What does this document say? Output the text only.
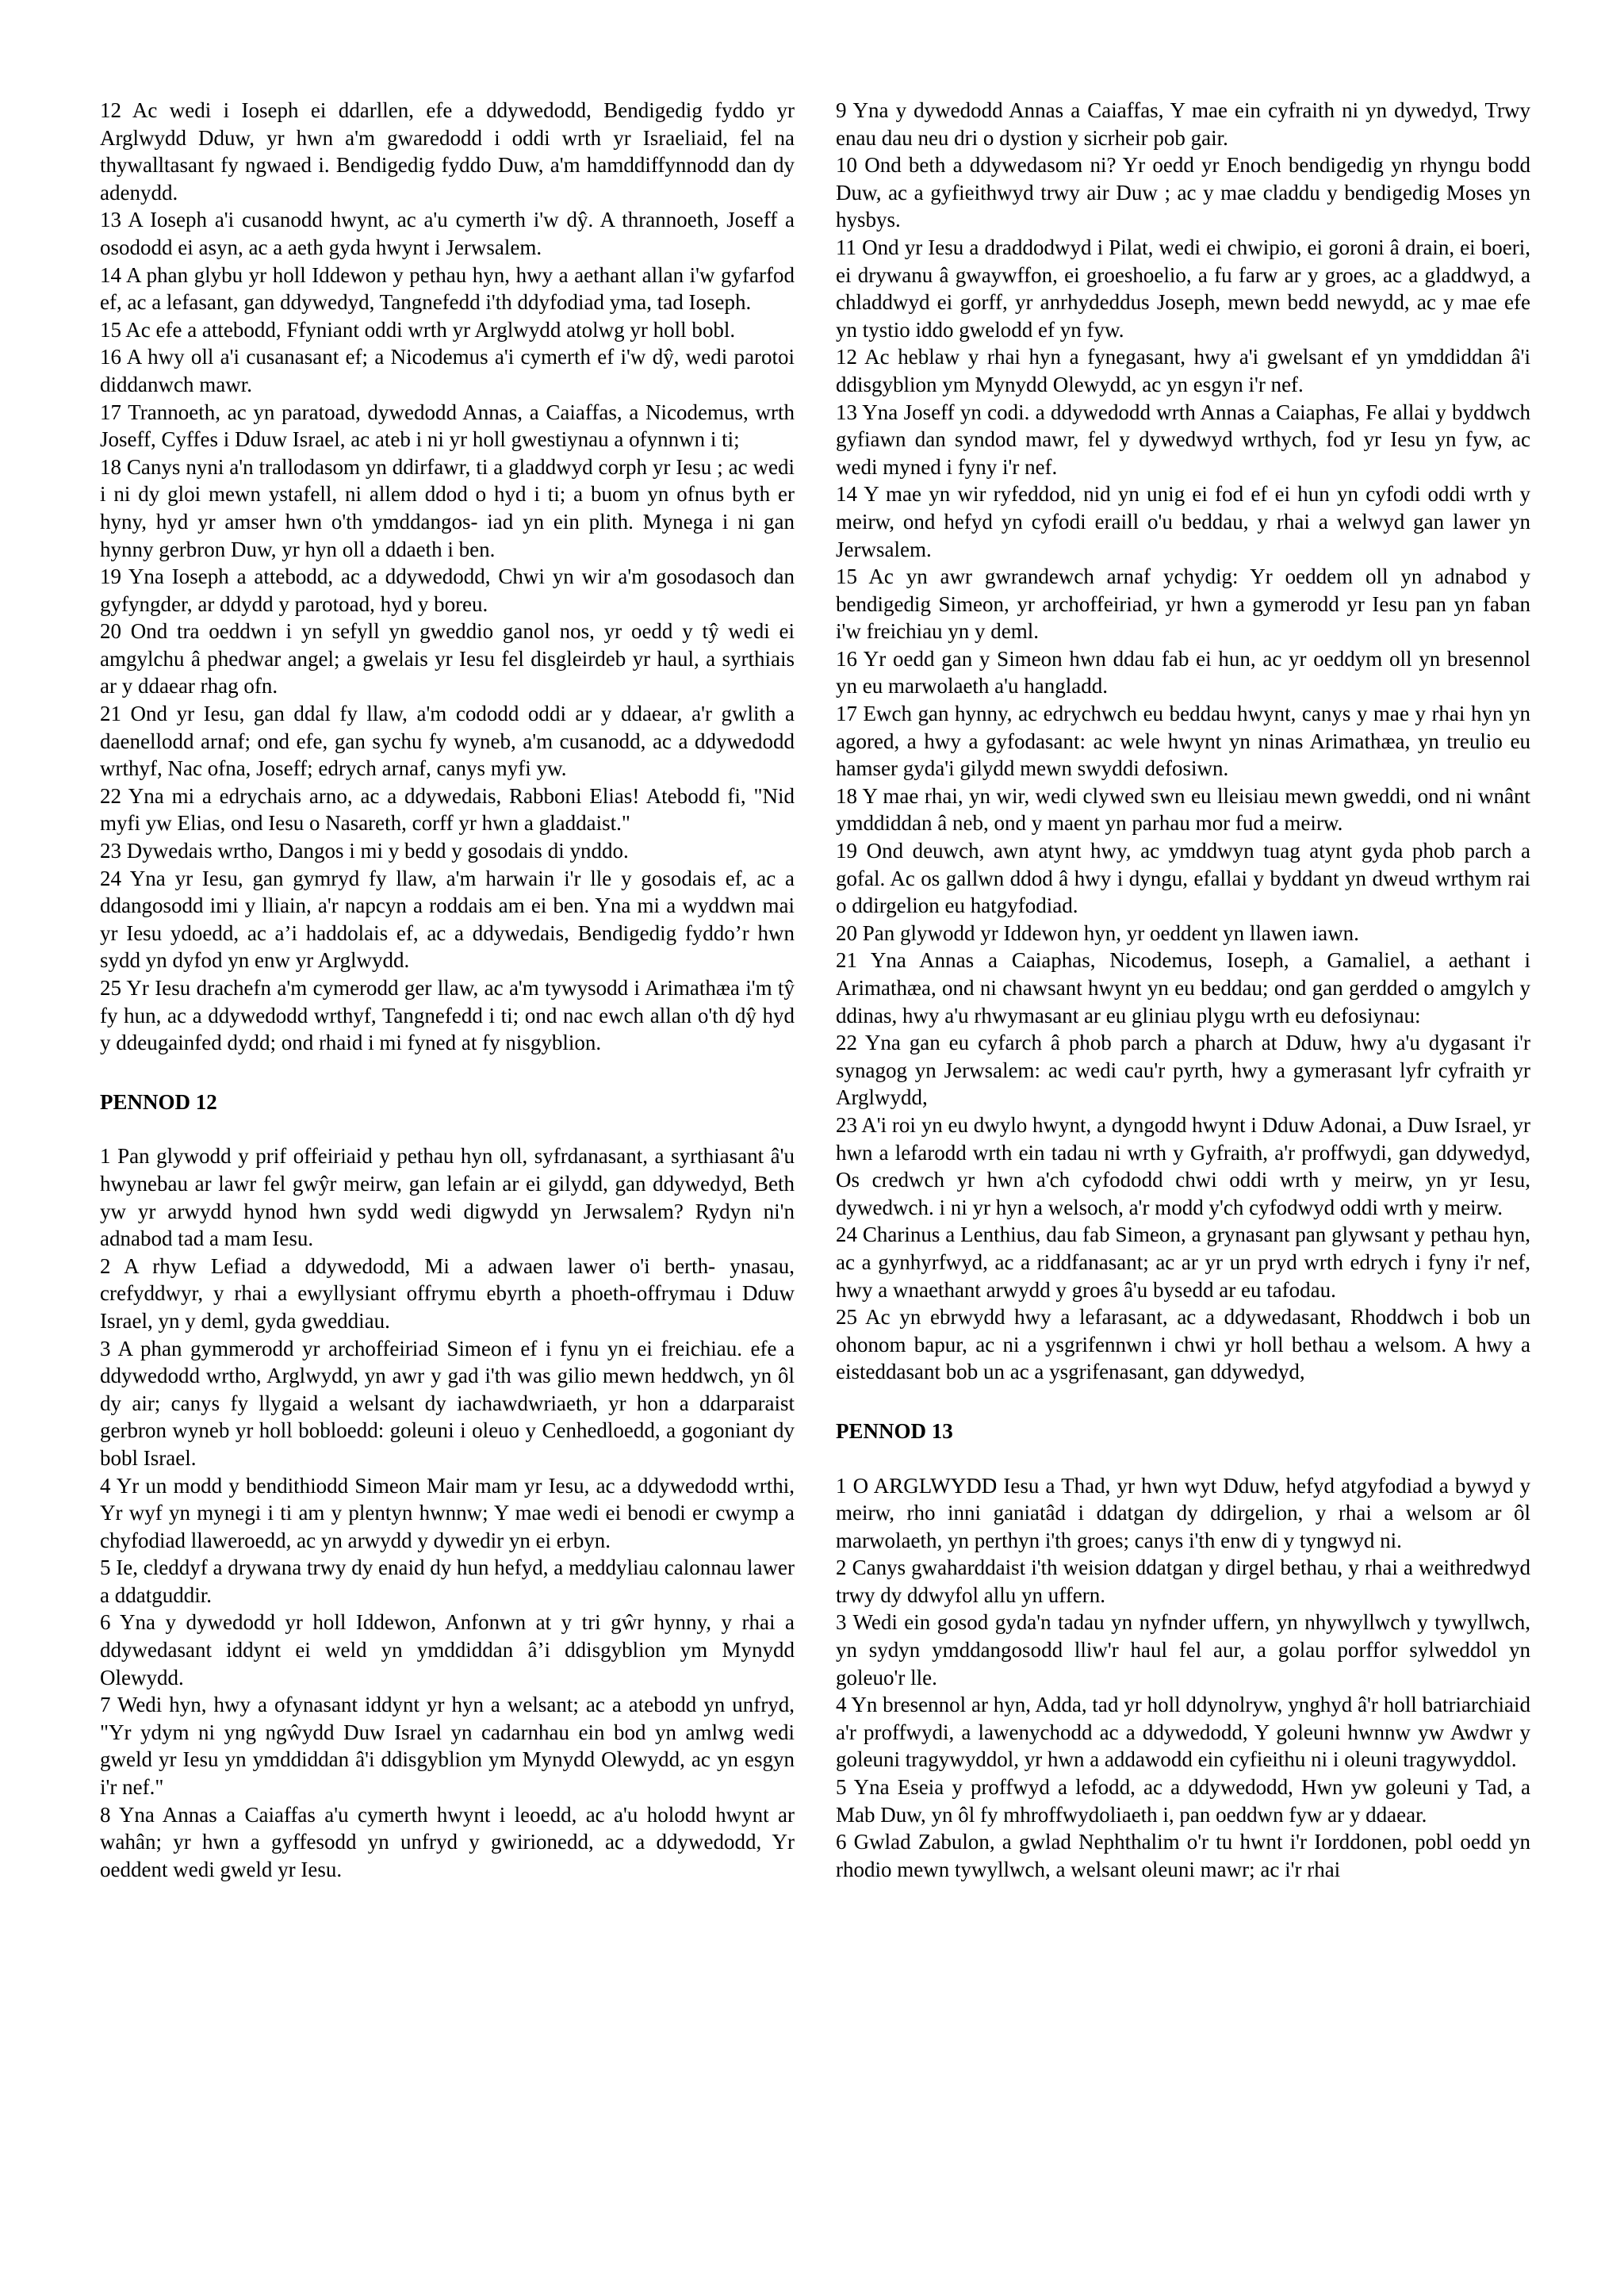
12 Ac wedi i Ioseph ei ddarllen, efe a ddywedodd, Bendigedig fyddo yr Arglwydd Dduw, yr hwn a'm gwaredodd i oddi wrth yr Israeliaid, fel na thywalltasant fy ngwaed i. Bendigedig fyddo Duw, a'm hamddiffynnodd dan dy adenydd.

13 A Ioseph a'i cusanodd hwynt, ac a'u cymerth i'w dŷ. A thrannoeth, Joseff a osododd ei asyn, ac a aeth gyda hwynt i Jerwsalem.

14 A phan glybu yr holl Iddewon y pethau hyn, hwy a aethant allan i'w gyfarfod ef, ac a lefasant, gan ddywedyd, Tangnefedd i'th ddyfodiad yma, tad Ioseph.

15 Ac efe a attebodd, Ffyniant oddi wrth yr Arglwydd atolwg yr holl bobl.

16 A hwy oll a'i cusanasant ef; a Nicodemus a'i cymerth ef i'w dŷ, wedi parotoi diddanwch mawr.

17 Trannoeth, ac yn paratoad, dywedodd Annas, a Caiaffas, a Nicodemus, wrth Joseff, Cyffes i Dduw Israel, ac ateb i ni yr holl gwestiynau a ofynnwn i ti;

18 Canys nyni a'n trallodasom yn ddirfawr, ti a gladdwyd corph yr Iesu ; ac wedi i ni dy gloi mewn ystafell, ni allem ddod o hyd i ti; a buom yn ofnus byth er hyny, hyd yr amser hwn o'th ymddangos- iad yn ein plith. Mynega i ni gan hynny gerbron Duw, yr hyn oll a ddaeth i ben.

19 Yna Ioseph a attebodd, ac a ddywedodd, Chwi yn wir a'm gosodasoch dan gyfyngder, ar ddydd y parotoad, hyd y boreu.

20 Ond tra oeddwn i yn sefyll yn gweddio ganol nos, yr oedd y tŷ wedi ei amgylchu â phedwar angel; a gwelais yr Iesu fel disgleirdeb yr haul, a syrthiais ar y ddaear rhag ofn.

21 Ond yr Iesu, gan ddal fy llaw, a'm cododd oddi ar y ddaear, a'r gwlith a daenellodd arnaf; ond efe, gan sychu fy wyneb, a'm cusanodd, ac a ddywedodd wrthyf, Nac ofna, Joseff; edrych arnaf, canys myfi yw.

22 Yna mi a edrychais arno, ac a ddywedais, Rabboni Elias! Atebodd fi, "Nid myfi yw Elias, ond Iesu o Nasareth, corff yr hwn a gladdaist."

23 Dywedais wrtho, Dangos i mi y bedd y gosodais di ynddo.

24 Yna yr Iesu, gan gymryd fy llaw, a'm harwain i'r lle y gosodais ef, ac a ddangosodd imi y lliain, a'r napcyn a roddais am ei ben. Yna mi a wyddwn mai yr Iesu ydoedd, ac a’i haddolais ef, ac a ddywedais, Bendigedig fyddo’r hwn sydd yn dyfod yn enw yr Arglwydd.

25 Yr Iesu drachefn a'm cymerodd ger llaw, ac a'm tywysodd i Arimathæa i'm tŷ fy hun, ac a ddywedodd wrthyf, Tangnefedd i ti; ond nac ewch allan o'th dŷ hyd y ddeugainfed dydd; ond rhaid i mi fyned at fy nisgyblion.

PENNOD 12

1 Pan glywodd y prif offeiriaid y pethau hyn oll, syfrdanasant, a syrthiasant â'u hwynebau ar lawr fel gwŷr meirw, gan lefain ar ei gilydd, gan ddywedyd, Beth yw yr arwydd hynod hwn sydd wedi digwydd yn Jerwsalem? Rydyn ni'n adnabod tad a mam Iesu.

2 A rhyw Lefiad a ddywedodd, Mi a adwaen lawer o'i berth- ynasau, crefyddwyr, y rhai a ewyllysiant offrymu ebyrth a phoeth-offrymau i Dduw Israel, yn y deml, gyda gweddiau.

3 A phan gymmerodd yr archoffeiriad Simeon ef i fynu yn ei freichiau. efe a ddywedodd wrtho, Arglwydd, yn awr y gad i'th was gilio mewn heddwch, yn ôl dy air; canys fy llygaid a welsant dy iachawdwriaeth, yr hon a ddarparaist gerbron wyneb yr holl bobloedd: goleuni i oleuo y Cenhedloedd, a gogoniant dy bobl Israel.

4 Yr un modd y bendithiodd Simeon Mair mam yr Iesu, ac a ddywedodd wrthi, Yr wyf yn mynegi i ti am y plentyn hwnnw; Y mae wedi ei benodi er cwymp a chyfodiad llaweroedd, ac yn arwydd y dywedir yn ei erbyn.

5 Ie, cleddyf a drywana trwy dy enaid dy hun hefyd, a meddyliau calonnau lawer a ddatguddir.

6 Yna y dywedodd yr holl Iddewon, Anfonwn at y tri gŵr hynny, y rhai a ddywedasant iddynt ei weld yn ymddiddan â’i ddisgyblion ym Mynydd Olewydd.

7 Wedi hyn, hwy a ofynasant iddynt yr hyn a welsant; ac a atebodd yn unfryd, "Yr ydym ni yng ngŵydd Duw Israel yn cadarnhau ein bod yn amlwg wedi gweld yr Iesu yn ymddiddan â'i ddisgyblion ym Mynydd Olewydd, ac yn esgyn i'r nef."

8 Yna Annas a Caiaffas a'u cymerth hwynt i leoedd, ac a'u holodd hwynt ar wahân; yr hwn a gyffesodd yn unfryd y gwirionedd, ac a ddywedodd, Yr oeddent wedi gweld yr Iesu.

9 Yna y dywedodd Annas a Caiaffas, Y mae ein cyfraith ni yn dywedyd, Trwy enau dau neu dri o dystion y sicrheir pob gair.

10 Ond beth a ddywedasom ni? Yr oedd yr Enoch bendigedig yn rhyngu bodd Duw, ac a gyfieithwyd trwy air Duw ; ac y mae claddu y bendigedig Moses yn hysbys.

11 Ond yr Iesu a draddodwyd i Pilat, wedi ei chwipio, ei goroni â drain, ei boeri, ei drywanu â gwaywffon, ei groeshoelio, a fu farw ar y groes, ac a gladdwyd, a chladdwyd ei gorff, yr anrhydeddus Joseph, mewn bedd newydd, ac y mae efe yn tystio iddo gwelodd ef yn fyw.

12 Ac heblaw y rhai hyn a fynegasant, hwy a'i gwelsant ef yn ymddiddan â'i ddisgyblion ym Mynydd Olewydd, ac yn esgyn i'r nef.

13 Yna Joseff yn codi. a ddywedodd wrth Annas a Caiaphas, Fe allai y byddwch gyfiawn dan syndod mawr, fel y dywedwyd wrthych, fod yr Iesu yn fyw, ac wedi myned i fyny i'r nef.

14 Y mae yn wir ryfeddod, nid yn unig ei fod ef ei hun yn cyfodi oddi wrth y meirw, ond hefyd yn cyfodi eraill o'u beddau, y rhai a welwyd gan lawer yn Jerwsalem.

15 Ac yn awr gwrandewch arnaf ychydig: Yr oeddem oll yn adnabod y bendigedig Simeon, yr archoffeiriad, yr hwn a gymerodd yr Iesu pan yn faban i'w freichiau yn y deml.

16 Yr oedd gan y Simeon hwn ddau fab ei hun, ac yr oeddym oll yn bresennol yn eu marwolaeth a'u hangladd.

17 Ewch gan hynny, ac edrychwch eu beddau hwynt, canys y mae y rhai hyn yn agored, a hwy a gyfodasant: ac wele hwynt yn ninas Arimathæa, yn treulio eu hamser gyda'i gilydd mewn swyddi defosiwn.

18 Y mae rhai, yn wir, wedi clywed swn eu lleisiau mewn gweddi, ond ni wnânt ymddiddan â neb, ond y maent yn parhau mor fud a meirw.

19 Ond deuwch, awn atynt hwy, ac ymddwyn tuag atynt gyda phob parch a gofal. Ac os gallwn ddod â hwy i dyngu, efallai y byddant yn dweud wrthym rai o ddirgelion eu hatgyfodiad.

20 Pan glywodd yr Iddewon hyn, yr oeddent yn llawen iawn.

21 Yna Annas a Caiaphas, Nicodemus, Ioseph, a Gamaliel, a aethant i Arimathæa, ond ni chawsant hwynt yn eu beddau; ond gan gerdded o amgylch y ddinas, hwy a'u rhwymasant ar eu gliniau plygu wrth eu defosiynau:

22 Yna gan eu cyfarch â phob parch a pharch at Dduw, hwy a'u dygasant i'r synagog yn Jerwsalem: ac wedi cau'r pyrth, hwy a gymerasant lyfr cyfraith yr Arglwydd,

23 A'i roi yn eu dwylo hwynt, a dyngodd hwynt i Dduw Adonai, a Duw Israel, yr hwn a lefarodd wrth ein tadau ni wrth y Gyfraith, a'r proffwydi, gan ddywedyd, Os credwch yr hwn a'ch cyfododd chwi oddi wrth y meirw, yn yr Iesu, dywedwch. i ni yr hyn a welsoch, a'r modd y'ch cyfodwyd oddi wrth y meirw.

24 Charinus a Lenthius, dau fab Simeon, a grynasant pan glywsant y pethau hyn, ac a gynhyrfwyd, ac a riddfanasant; ac ar yr un pryd wrth edrych i fyny i'r nef, hwy a wnaethant arwydd y groes â'u bysedd ar eu tafodau.

25 Ac yn ebrwydd hwy a lefarasant, ac a ddywedasant, Rhoddwch i bob un ohonom bapur, ac ni a ysgrifennwn i chwi yr holl bethau a welsom. A hwy a eisteddasant bob un ac a ysgrifenasant, gan ddywedyd,

PENNOD 13

1 O ARGLWYDD Iesu a Thad, yr hwn wyt Dduw, hefyd atgyfodiad a bywyd y meirw, rho inni ganiatâd i ddatgan dy ddirgelion, y rhai a welsom ar ôl marwolaeth, yn perthyn i'th groes; canys i'th enw di y tyngwyd ni.

2 Canys gwaharddaist i'th weision ddatgan y dirgel bethau, y rhai a weithredwyd trwy dy ddwyfol allu yn uffern.

3 Wedi ein gosod gyda'n tadau yn nyfnder uffern, yn nhywyllwch y tywyllwch, yn sydyn ymddangosodd lliw'r haul fel aur, a golau porffor sylweddol yn goleuo'r lle.

4 Yn bresennol ar hyn, Adda, tad yr holl ddynolryw, ynghyd â'r holl batriarchiaid a'r proffwydi, a lawenychodd ac a ddywedodd, Y goleuni hwnnw yw Awdwr y goleuni tragywyddol, yr hwn a addawodd ein cyfieithu ni i oleuni tragywyddol.

5 Yna Eseia y proffwyd a lefodd, ac a ddywedodd, Hwn yw goleuni y Tad, a Mab Duw, yn ôl fy mhroffwydoliaeth i, pan oeddwn fyw ar y ddaear.

6 Gwlad Zabulon, a gwlad Nephthalim o'r tu hwnt i'r Iorddonen, pobl oedd yn rhodio mewn tywyllwch, a welsant oleuni mawr; ac i'r rhai
